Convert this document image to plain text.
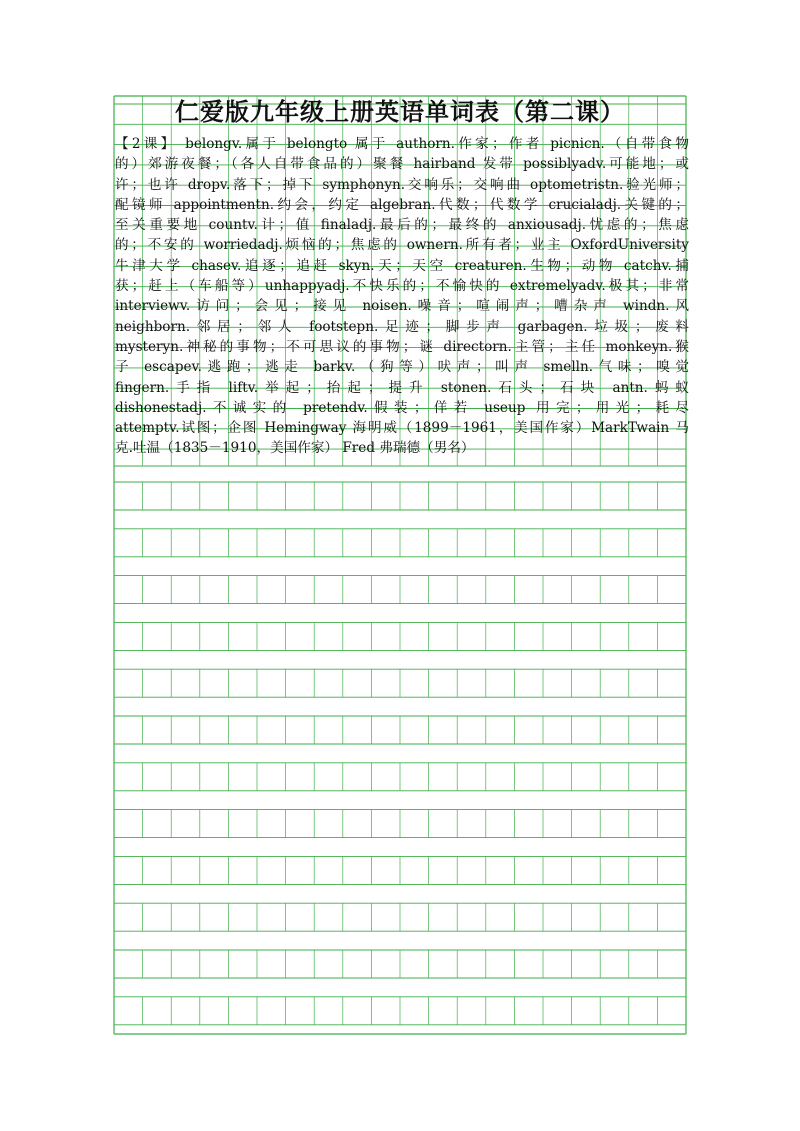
仁爱版九年级上册英语单词表（第二课）
【2课】 belongv.属于 belongto 属于 authorn.作家；作者 picnicn.（自带食物
的）郊游夜餐；（各人自带食品的）聚餐 hairband 发带 possiblyadv.可能地；或
许；也许 dropv.落下；掉下 symphonyn.交响乐；交响曲 optometristn.验光师；
配镜师 appointmentn.约会，约定 algebran.代数；代数学 crucialadj.关键的；
至关重要地 countv.计；值 finaladj.最后的；最终的 anxiousadj.忧虑的；焦虑
的；不安的 worriedadj.烦恼的；焦虑的 ownern.所有者；业主 OxfordUniversity
牛津大学 chasev.追逐；追赶 skyn.天；天空 creaturen.生物；动物 catchv.捕
获；赶上（车船等）unhappyadj.不快乐的；不愉快的 extremelyadv.极其；非常
interviewv.访问；会见；接见 noisen.噪音；喧闹声；嘈杂声 windn.风
neighborn.邻居；邻人 footstepn.足迹；脚步声 garbagen.垃圾；废料
mysteryn.神秘的事物；不可思议的事物；谜 directorn.主管；主任 monkeyn.猴
子 escapev.逃跑；逃走 barkv.（狗等）吠声；叫声 smelln.气味；嗅觉
fingern.手指 liftv.举起；抬起；提升 stonen.石头；石块 antn.蚂蚁
dishonestadj.不诚实的 pretendv.假装；佯若 useup 用完；用光；耗尽
attemptv.试图；企图 Hemingway 海明威（1899－1961，美国作家）MarkTwain 马
克.吐温（1835－1910，美国作家） Fred 弗瑞德（男名）
